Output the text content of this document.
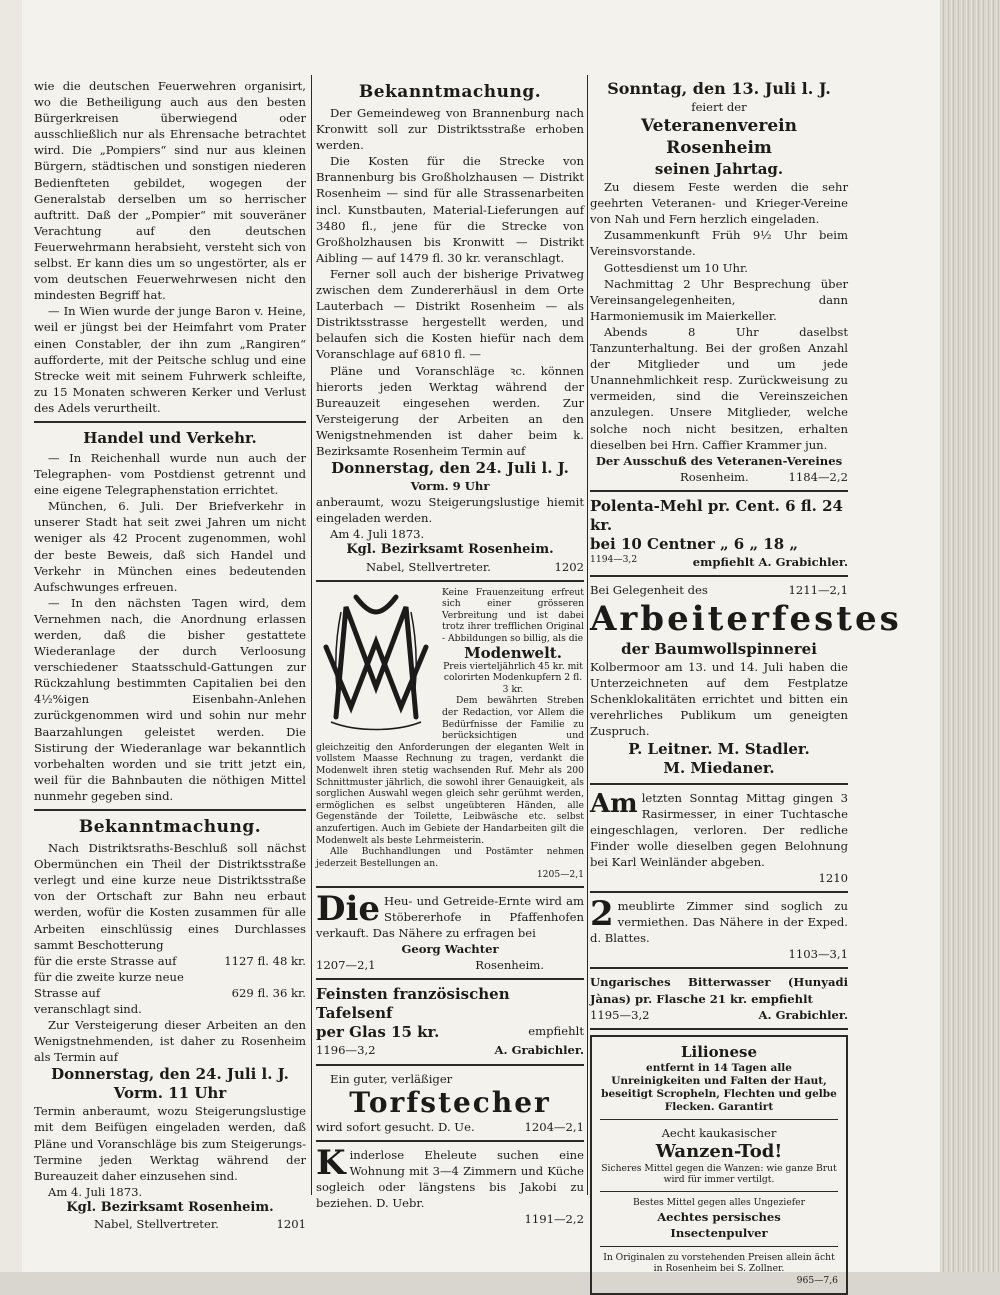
wie die deutschen Feuerwehren organisirt, wo die Betheiligung auch aus den besten Bürgerkreisen überwiegend oder ausschließlich nur als Ehrensache betrachtet wird. Die „Pompiers“ sind nur aus kleinen Bürgern, städtischen und sonstigen niederen Bedienfteten gebildet, wogegen der Generalstab derselben um so herrischer auftritt. Daß der „Pompier“ mit souveräner Verachtung auf den deutschen Feuerwehrmann herabsieht, versteht sich von selbst. Er kann dies um so ungestörter, als er vom deutschen Feuerwehrwesen nicht den mindesten Begriff hat.

— In Wien wurde der junge Baron v. Heine, weil er jüngst bei der Heimfahrt vom Prater einen Constabler, der ihn zum „Rangiren“ aufforderte, mit der Peitsche schlug und eine Strecke weit mit seinem Fuhrwerk schleifte, zu 15 Monaten schweren Kerker und Verlust des Adels verurtheilt.

Handel und Verkehr.

— In Reichenhall wurde nun auch der Telegraphen- vom Postdienst getrennt und eine eigene Telegraphenstation errichtet.

München, 6. Juli. Der Briefverkehr in unserer Stadt hat seit zwei Jahren um nicht weniger als 42 Procent zugenommen, wohl der beste Beweis, daß sich Handel und Verkehr in München eines bedeutenden Aufschwunges erfreuen.

— In den nächsten Tagen wird, dem Vernehmen nach, die Anordnung erlassen werden, daß die bisher gestattete Wiederanlage der durch Verloosung verschiedener Staatsschuld-Gattungen zur Rückzahlung bestimmten Capitalien bei den 4½%igen Eisenbahn-Anlehen zurückgenommen wird und sohin nur mehr Baarzahlungen geleistet werden. Die Sistirung der Wiederanlage war bekanntlich vorbehalten worden und sie tritt jetzt ein, weil für die Bahnbauten die nöthigen Mittel nunmehr gegeben sind.

Bekanntmachung.

Nach Distriktsraths-Beschluß soll nächst Obermünchen ein Theil der Distriktsstraße verlegt und eine kurze neue Distriktsstraße von der Ortschaft zur Bahn neu erbaut werden, wofür die Kosten zusammen für alle Arbeiten einschlüssig eines Durchlasses sammt Beschotterung

für die erste Strasse auf	1127 fl. 48 kr.
für die zweite kurze neue Strasse auf	629 fl. 36 kr.

veranschlagt sind.

Zur Versteigerung dieser Arbeiten an den Wenigstnehmenden, ist daher zu Rosenheim als Termin auf

Donnerstag, den 24. Juli l. J.

Vorm. 11 Uhr

Termin anberaumt, wozu Steigerungslustige mit dem Beifügen eingeladen werden, daß Pläne und Voranschläge bis zum Steigerungs-Termine jeden Werktag während der Bureauzeit daher einzusehen sind.

Am 4. Juli 1873.

Kgl. Bezirksamt Rosenheim.

Nabel, Stellvertreter.	1201
Bekanntmachung.

Der Gemeindeweg von Brannenburg nach Kronwitt soll zur Distriktsstraße erhoben werden.

Die Kosten für die Strecke von Brannenburg bis Großholzhausen — Distrikt Rosenheim — sind für alle Strassenarbeiten incl. Kunstbauten, Material-Lieferungen auf 3480 fl., jene für die Strecke von Großholzhausen bis Kronwitt — Distrikt Aibling — auf 1479 fl. 30 kr. veranschlagt.

Ferner soll auch der bisherige Privatweg zwischen dem Zundererhäusl in dem Orte Lauterbach — Distrikt Rosenheim — als Distriktsstrasse hergestellt werden, und belaufen sich die Kosten hiefür nach dem Voranschlage auf 6810 fl. —

Pläne und Voranschläge ꝛc. können hierorts jeden Werktag während der Bureauzeit eingesehen werden. Zur Versteigerung der Arbeiten an den Wenigstnehmenden ist daher beim k. Bezirksamte Rosenheim Termin auf

Donnerstag, den 24. Juli l. J.

Vorm. 9 Uhr

anberaumt, wozu Steigerungslustige hiemit eingeladen werden.

Am 4. Juli 1873.

Kgl. Bezirksamt Rosenheim.

Nabel, Stellvertreter.	1202

Keine Frauenzeitung erfreut sich einer grösseren Verbreitung und ist dabei trotz ihrer trefflichen Original - Abbildungen so billig, als die

Modenwelt.

Preis vierteljährlich 45 kr. mit colorirten Modenkupfern 2 fl. 3 kr.

Dem bewährten Streben der Redaction, vor Allem die Bedürfnisse der Familie zu berücksichtigen und gleichzeitig den Anforderungen der eleganten Welt in vollstem Maasse Rechnung zu tragen, verdankt die Modenwelt ihren stetig wachsenden Ruf. Mehr als 200 Schnittmuster jährlich, die sowohl ihrer Genauigkeit, als sorglichen Auswahl wegen gleich sehr gerühmt werden, ermöglichen es selbst ungeübteren Händen, alle Gegenstände der Toilette, Leibwäsche etc. selbst anzufertigen. Auch im Gebiete der Handarbeiten gilt die Modenwelt als beste Lehrmeisterin.

Alle Buchhandlungen und Postämter nehmen jederzeit Bestellungen an.

1205—2,1

Die Heu- und Getreide-Ernte wird am Stöbererhofe in Pfaffenhofen verkauft. Das Nähere zu erfragen bei

Georg Wachter

1207—2,1	Rosenheim.

Feinsten französischen Tafelsenf

per Glas 15 kr.	empfiehlt
1196—3,2	A. Grabichler.

Ein guter, verläßiger

Torfstecher

wird sofort gesucht. D. Ue.	1204—2,1
K inderlose Eheleute suchen eine Wohnung mit 3—4 Zimmern und Küche sogleich oder längstens bis Jakobi zu beziehen. D. Uebr.

1191—2,2

Sonntag, den 13. Juli l. J.

feiert der

Veteranenverein Rosenheim

seinen Jahrtag.

Zu diesem Feste werden die sehr geehrten Veteranen- und Krieger-Vereine von Nah und Fern herzlich eingeladen.

Zusammenkunft Früh 9½ Uhr beim Vereinsvorstande.

Gottesdienst um 10 Uhr.

Nachmittag 2 Uhr Besprechung über Vereinsangelegenheiten, dann Harmoniemusik im Maierkeller.

Abends 8 Uhr daselbst Tanzunterhaltung. Bei der großen Anzahl der Mitglieder und um jede Unannehmlichkeit resp. Zurückweisung zu vermeiden, sind die Vereinszeichen anzulegen. Unsere Mitglieder, welche solche noch nicht besitzen, erhalten dieselben bei Hrn. Caffier Krammer jun.

Der Ausschuß des Veteranen-Vereines

Rosenheim.	1184—2,2

Polenta-Mehl pr. Cent. 6 fl. 24 kr.

bei 10 Centner „ 6 „ 18 „

1194—3,2	empfiehlt A. Grabichler.
Bei Gelegenheit des	1211—2,1

Arbeiterfestes

der Baumwollspinnerei

Kolbermoor am 13. und 14. Juli haben die Unterzeichneten auf dem Festplatze Schenklokalitäten errichtet und bitten ein verehrliches Publikum um geneigten Zuspruch.

P. Leitner. M. Stadler.

M. Miedaner.

Am letzten Sonntag Mittag gingen 3 Rasirmesser, in einer Tuchtasche eingeschlagen, verloren. Der redliche Finder wolle dieselben gegen Belohnung bei Karl Weinländer abgeben.

1210

2 meublirte Zimmer sind soglich zu vermiethen. Das Nähere in der Exped. d. Blattes.

1103—3,1

Ungarisches Bitterwasser (Hunyadi Jànas) pr. Flasche 21 kr. empfiehlt

1195—3,2	A. Grabichler.

Lilionese

entfernt in 14 Tagen alle Unreinigkeiten und Falten der Haut, beseitigt Scropheln, Flechten und gelbe Flecken. Garantirt

Aecht kaukasischer

Wanzen-Tod!

Sicheres Mittel gegen die Wanzen: wie ganze Brut wird für immer vertilgt.

Bestes Mittel gegen alles Ungeziefer

Aechtes persisches

Insectenpulver

In Originalen zu vorstehenden Preisen allein ächt in Rosenheim bei S. Zollner.

965—7,6
